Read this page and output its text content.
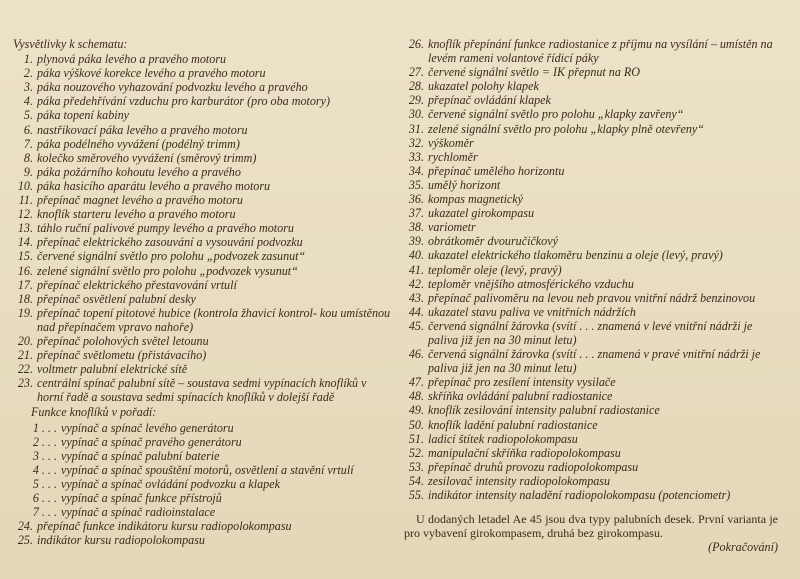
Vysvětlivky k schematu:
1. plynová páka levého a pravého motoru
2. páka výškové korekce levého a pravého motoru
3. páka nouzového vyhazování podvozku levého a pravého
4. páka předehřívání vzduchu pro karburátor (pro oba motory)
5. páka topení kabiny
6. nastřikovací páka levého a pravého motoru
7. páka podélného vyvážení (podélný trimm)
8. kolečko směrového vyvážení (směrový trimm)
9. páka požárního kohoutu levého a pravého
10. páka hasicího aparátu levého a pravého motoru
11. přepínač magnet levého a pravého motoru
12. knoflík starteru levého a pravého motoru
13. táhlo ruční palivové pumpy levého a pravého motoru
14. přepínač elektrického zasouvání a vysouvání podvozku
15. červené signální světlo pro polohu „podvozek zasunut“
16. zelené signální světlo pro polohu „podvozek vysunut“
17. přepínač elektrického přestavování vrtulí
18. přepínač osvětlení palubní desky
19. přepínač topení pitotové hubice (kontrola žhavicí kontrol- kou umístěnou nad přepínačem vpravo nahoře)
20. přepínač polohových světel letounu
21. přepínač světlometu (přistávacího)
22. voltmetr palubní elektrické sítě
23. centrální spínač palubní sítě – soustava sedmi vypínacích knoflíků v horní řadě a soustava sedmi spínacích knoflíků v dolejší řadě
Funkce knoflíků v pořadí:
1 . . . vypínač a spínač levého generátoru
2 . . . vypínač a spínač pravého generátoru
3 . . . vypínač a spínač palubní baterie
4 . . . vypínač a spínač spouštění motorů, osvětlení a stavění vrtulí
5 . . . vypínač a spínač ovládání podvozku a klapek
6 . . . vypínač a spínač funkce přístrojů
7 . . . vypínač a spínač radioinstalace
24. přepínač funkce indikátoru kursu radiopolokompasu
25. indikátor kursu radiopolokompasu
26. knoflík přepínání funkce radiostanice z příjmu na vysílání – umístěn na levém rameni volantové řídicí páky
27. červené signální světlo = IK přepnut na RO
28. ukazatel polohy klapek
29. přepínač ovládání klapek
30. červené signální světlo pro polohu „klapky zavřeny“
31. zelené signální světlo pro polohu „klapky plně otevřeny“
32. výškoměr
33. rychloměr
34. přepínač umělého horizontu
35. umělý horizont
36. kompas magnetický
37. ukazatel girokompasu
38. variometr
39. obrátkoměr dvouručičkový
40. ukazatel elektrického tlakoměru benzinu a oleje (levý, pravý)
41. teploměr oleje (levý, pravý)
42. teploměr vnějšího atmosférického vzduchu
43. přepínač palivoměru na levou neb pravou vnitřní nádrž benzinovou
44. ukazatel stavu paliva ve vnitřních nádržích
45. červená signální žárovka (svítí . . . znamená v levé vnitřní nádrži je paliva již jen na 30 minut letu)
46. červená signální žárovka (svítí . . . znamená v pravé vnitřní nádrži je paliva již jen na 30 minut letu)
47. přepínač pro zesílení intensity vysilače
48. skříňka ovládání palubní radiostanice
49. knoflík zesilování intensity palubní radiostanice
50. knoflík ladění palubní radiostanice
51. ladicí štítek radiopolokompasu
52. manipulační skříňka radiopolokompasu
53. přepínač druhů provozu radiopolokompasu
54. zesilovač intensity radiopolokompasu
55. indikátor intensity naladění radiopolokompasu (potenciometr)
U dodaných letadel Ae 45 jsou dva typy palubních desek. První varianta je pro vybavení girokompasem, druhá bez girokompasu.
(Pokračování)
